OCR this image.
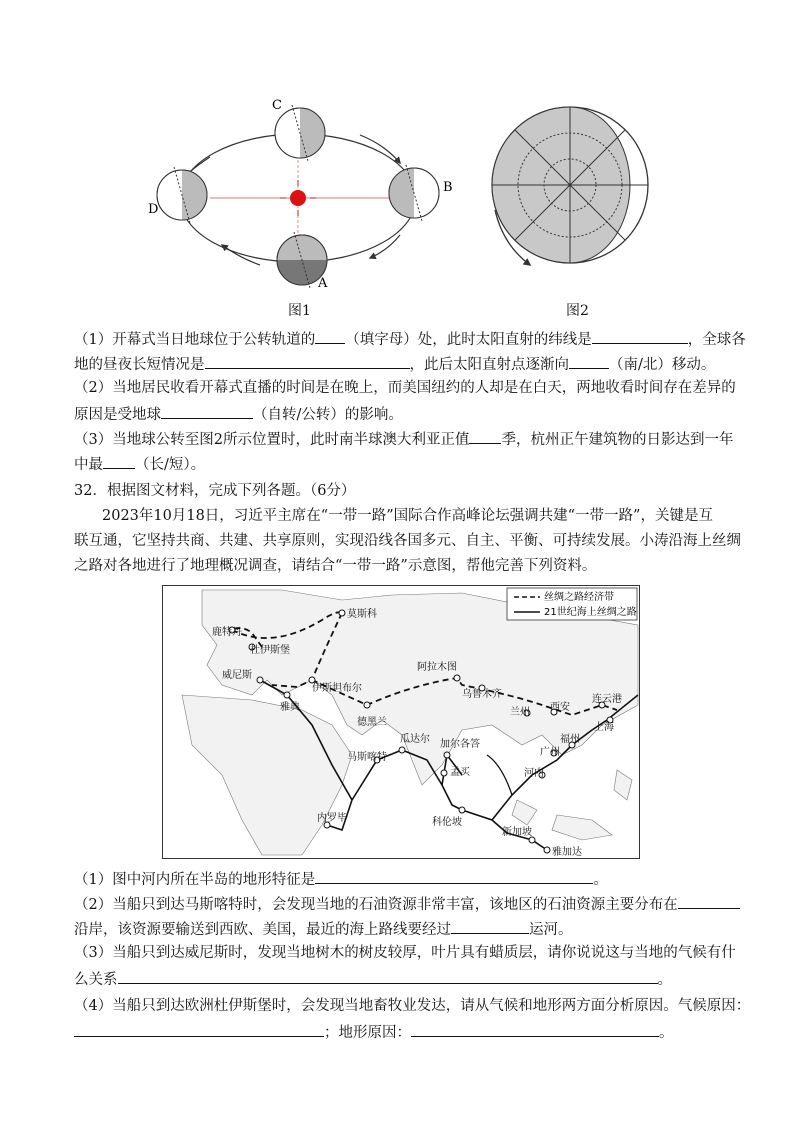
C
B
A
D
图1	图2
（1）开幕式当日地球位于公转轨道的 （填字母）处，此时太阳直射的纬线是	，全球各
地的昼夜长短情况是	，此后太阳直射点逐渐向	（南/北）移动。
（2）当地居民收看开幕式直播的时间是在晚上，而美国纽约的人却是在白天，两地收看时间存在差异的
原因是受地球	（自转/公转）的影响。
（3）当地球公转至图2所示位置时，此时南半球澳大利亚正值 季，杭州正午建筑物的日影达到一年
中最 （长/短）。
32．根据图文材料，完成下列各题。（6分）
2023年10月18日，习近平主席在“一带一路”国际合作高峰论坛强调共建“一带一路”，关键是互
联互通，它坚持共商、共建、共享原则，实现沿线各国多元、自主、平衡、可持续发展。小涛沿海上丝绸
之路对各地进行了地理概况调查，请结合“一带一路”示意图，帮他完善下列资料。
丝绸之路经济带
21世纪海上丝绸之路
鹿特丹
杜伊斯堡
莫斯科
威尼斯
伊斯坦布尔
雅典
德黑兰
阿拉木图
乌鲁木齐
兰州 西安
连云港
上海
福州
广州
河内
瓜达尔
马斯喀特
加尔各答
孟买
科伦坡
内罗毕
新加坡
雅加达
（1）图中河内所在半岛的地形特征是	。
（2）当船只到达马斯喀特时，会发现当地的石油资源非常丰富，该地区的石油资源主要分布在
沿岸，该资源要输送到西欧、美国，最近的海上路线要经过	运河。
（3）当船只到达威尼斯时，发现当地树木的树皮较厚，叶片具有蜡质层，请你说说这与当地的气候有什
么关系	。
（4）当船只到达欧洲杜伊斯堡时，会发现当地畜牧业发达，请从气候和地形两方面分析原因。气候原因：
；地形原因：	。
